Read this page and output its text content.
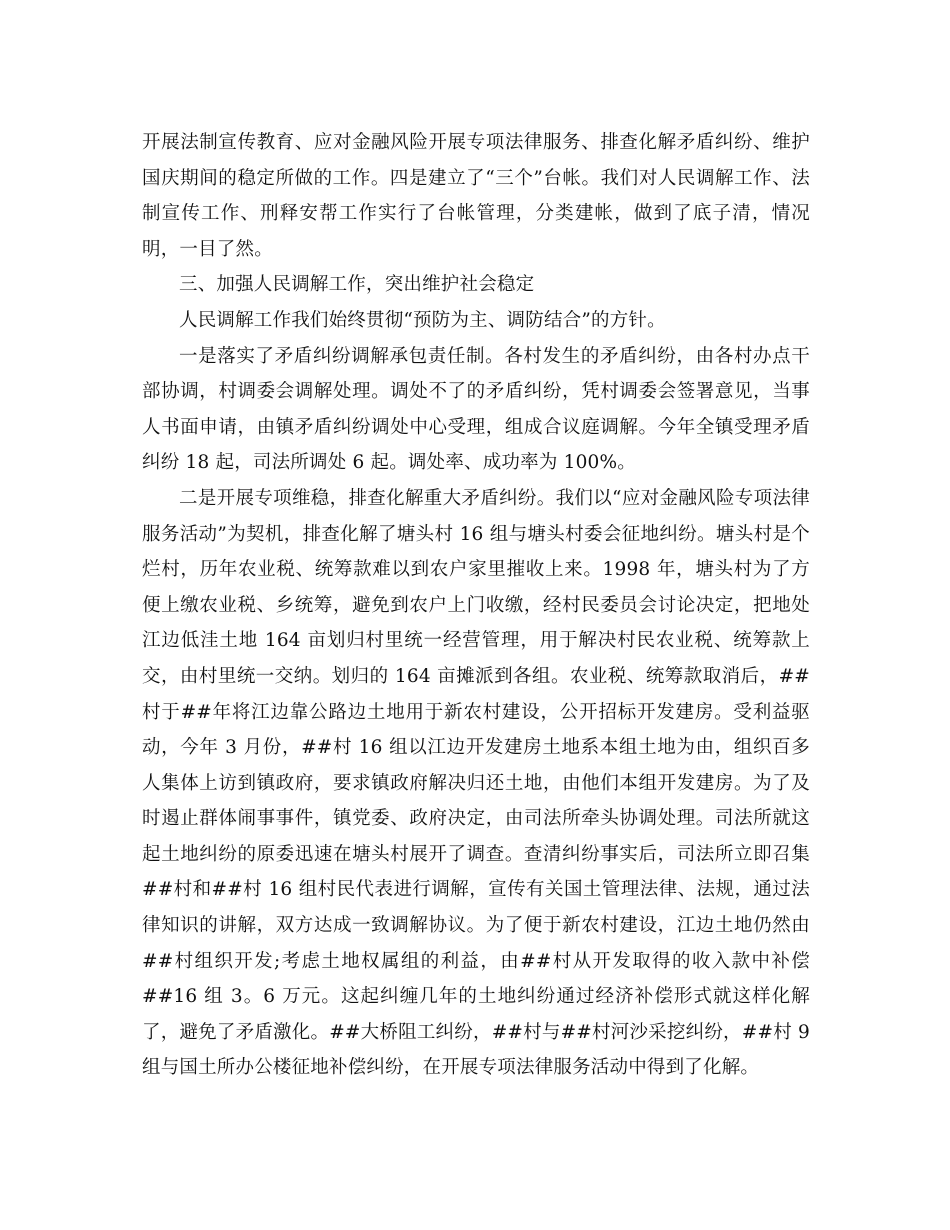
开展法制宣传教育、应对金融风险开展专项法律服务、排查化解矛盾纠纷、维护国庆期间的稳定所做的工作。四是建立了“三个”台帐。我们对人民调解工作、法制宣传工作、刑释安帮工作实行了台帐管理，分类建帐，做到了底子清，情况明，一目了然。

三、加强人民调解工作，突出维护社会稳定

人民调解工作我们始终贯彻“预防为主、调防结合”的方针。

一是落实了矛盾纠纷调解承包责任制。各村发生的矛盾纠纷，由各村办点干部协调，村调委会调解处理。调处不了的矛盾纠纷，凭村调委会签署意见，当事人书面申请，由镇矛盾纠纷调处中心受理，组成合议庭调解。今年全镇受理矛盾纠纷 18 起，司法所调处 6 起。调处率、成功率为 100%。

二是开展专项维稳，排查化解重大矛盾纠纷。我们以“应对金融风险专项法律服务活动”为契机，排查化解了塘头村 16 组与塘头村委会征地纠纷。塘头村是个烂村，历年农业税、统筹款难以到农户家里摧收上来。1998 年，塘头村为了方便上缴农业税、乡统筹，避免到农户上门收缴，经村民委员会讨论决定，把地处江边低洼土地 164 亩划归村里统一经营管理，用于解决村民农业税、统筹款上交，由村里统一交纳。划归的 164 亩摊派到各组。农业税、统筹款取消后，##村于##年将江边靠公路边土地用于新农村建设，公开招标开发建房。受利益驱动，今年 3 月份，##村 16 组以江边开发建房土地系本组土地为由，组织百多人集体上访到镇政府，要求镇政府解决归还土地，由他们本组开发建房。为了及时遏止群体闹事事件，镇党委、政府决定，由司法所牵头协调处理。司法所就这起土地纠纷的原委迅速在塘头村展开了调查。查清纠纷事实后，司法所立即召集##村和##村 16 组村民代表进行调解，宣传有关国土管理法律、法规，通过法律知识的讲解，双方达成一致调解协议。为了便于新农村建设，江边土地仍然由##村组织开发;考虑土地权属组的利益，由##村从开发取得的收入款中补偿##16 组 3。6 万元。这起纠缠几年的土地纠纷通过经济补偿形式就这样化解了，避免了矛盾激化。##大桥阻工纠纷，##村与##村河沙采挖纠纷，##村 9 组与国土所办公楼征地补偿纠纷，在开展专项法律服务活动中得到了化解。
